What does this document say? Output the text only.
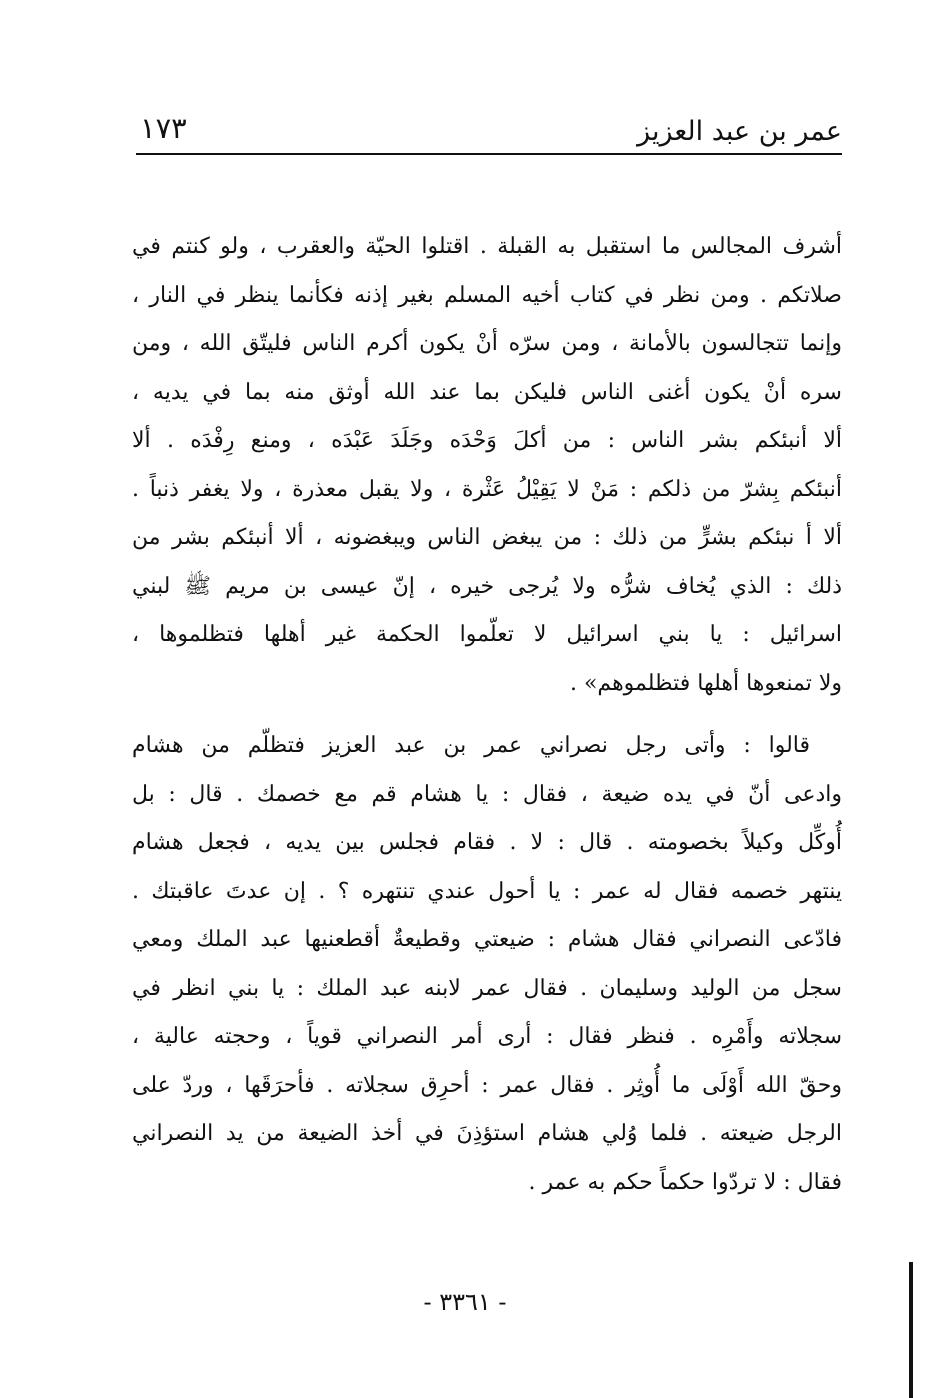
عمر بن عبد العزيز
١٧٣
أشرف المجالس ما استقبل به القبلة . اقتلوا الحيّة والعقرب ، ولو كنتم في
صلاتكم . ومن نظر في كتاب أخيه المسلم بغير إذنه فكأنما ينظر في النار ،
وإنما تتجالسون بالأمانة ، ومن سرّه أنْ يكون أكرم الناس فليتّق الله ، ومن
سره أنْ يكون أغنى الناس فليكن بما عند الله أوثق منه بما في يديه ،
ألا أنبئكم بشر الناس : من أكلَ وَحْدَه وجَلَدَ عَبْدَه ، ومنع رِفْدَه . ألا
أنبئكم بِشرّ من ذلكم : مَنْ لا يَقِيْلُ عَثْرة ، ولا يقبل معذرة ، ولا يغفر ذنباً .
ألا أ نبئكم بشرٍّ من ذلك : من يبغض الناس ويبغضونه ، ألا أنبئكم بشر من
ذلك : الذي يُخاف شرُّه ولا يُرجى خيره ، إنّ عيسى بن مريم ﷺ لبني
اسرائيل : يا بني اسرائيل لا تعلّموا الحكمة غير أهلها فتظلموها ،
ولا تمنعوها أهلها فتظلموهم» .
قالوا : وأتى رجل نصراني عمر بن عبد العزيز فتظلّم من هشام
وادعى أنّ في يده ضيعة ، فقال : يا هشام قم مع خصمك . قال : بل
أُوكِّل وكيلاً بخصومته . قال : لا . فقام فجلس بين يديه ، فجعل هشام
ينتهر خصمه فقال له عمر : يا أحول عندي تنتهره ؟ . إن عدتَ عاقبتك .
فادّعى النصراني فقال هشام : ضيعتي وقطيعةٌ أقطعنيها عبد الملك ومعي
سجل من الوليد وسليمان . فقال عمر لابنه عبد الملك : يا بني انظر في
سجلاته وأَمْرِه . فنظر فقال : أرى أمر النصراني قوياً ، وحجته عالية ،
وحقّ الله أَوْلَى ما أُوثِر . فقال عمر : أحرِق سجلاته . فأحرَقَها ، وردّ على
الرجل ضيعته . فلما وُلي هشام استؤذِنَ في أخذ الضيعة من يد النصراني
فقال : لا تردّوا حكماً حكم به عمر .
- ٣٣٦١ -
